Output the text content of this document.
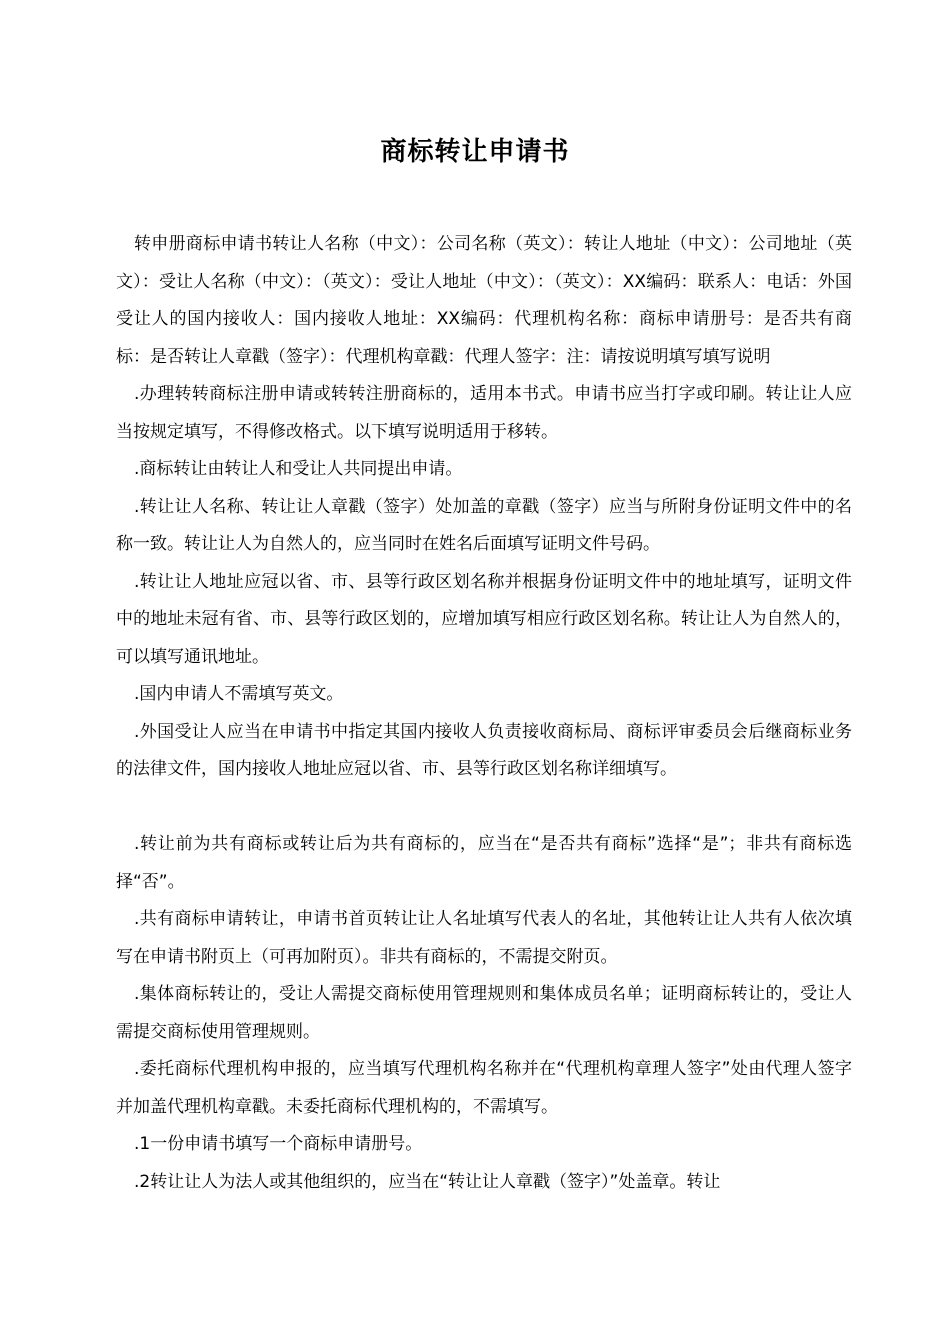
商标转让申请书

转申册商标申请书转让人名称（中文）：公司名称（英文）：转让人地址（中文）：公司地址（英文）：受让人名称（中文）：（英文）：受让人地址（中文）：（英文）：XX编码：联系人：电话：外国受让人的国内接收人：国内接收人地址：XX编码：代理机构名称：商标申请册号：是否共有商标：是否转让人章戳（签字）：代理机构章戳：代理人签字：注：请按说明填写填写说明

.办理转转商标注册申请或转转注册商标的，适用本书式。申请书应当打字或印刷。转让让人应当按规定填写，不得修改格式。以下填写说明适用于移转。

.商标转让由转让人和受让人共同提出申请。

.转让让人名称、转让让人章戳（签字）处加盖的章戳（签字）应当与所附身份证明文件中的名称一致。转让让人为自然人的，应当同时在姓名后面填写证明文件号码。

.转让让人地址应冠以省、市、县等行政区划名称并根据身份证明文件中的地址填写，证明文件中的地址未冠有省、市、县等行政区划的，应增加填写相应行政区划名称。转让让人为自然人的，可以填写通讯地址。

.国内申请人不需填写英文。

.外国受让人应当在申请书中指定其国内接收人负责接收商标局、商标评审委员会后继商标业务的法律文件，国内接收人地址应冠以省、市、县等行政区划名称详细填写。

.转让前为共有商标或转让后为共有商标的，应当在“是否共有商标”选择“是”；非共有商标选择“否”。

.共有商标申请转让，申请书首页转让让人名址填写代表人的名址，其他转让让人共有人依次填写在申请书附页上（可再加附页）。非共有商标的，不需提交附页。

.集体商标转让的，受让人需提交商标使用管理规则和集体成员名单；证明商标转让的，受让人需提交商标使用管理规则。

.委托商标代理机构申报的，应当填写代理机构名称并在“代理机构章理人签字”处由代理人签字并加盖代理机构章戳。未委托商标代理机构的，不需填写。

.1一份申请书填写一个商标申请册号。

.2转让让人为法人或其他组织的，应当在“转让让人章戳（签字）”处盖章。转让
